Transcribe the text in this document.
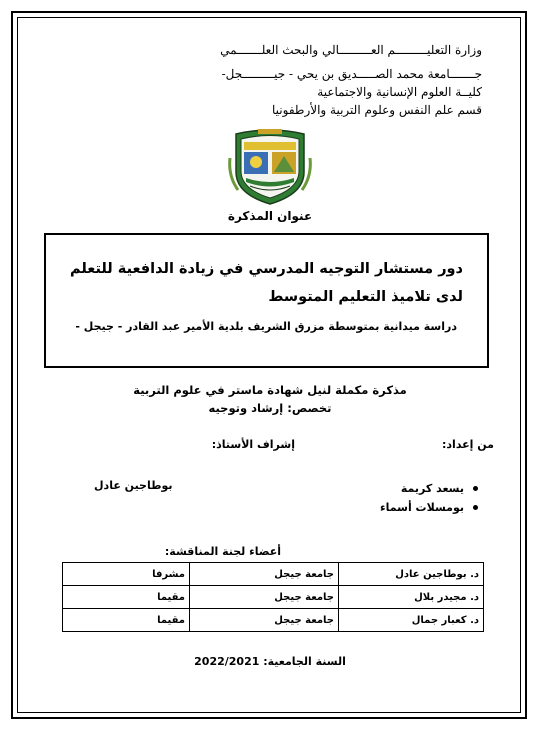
وزارة التعليـــــــــم العـــــــــالي والبحث العلـــــــمي
جـــــــامعة محمد الصـــــديق بن يحي - جيـــــــــجل-
كليــة العلوم الإنسانية والاجتماعية
قسم علم النفس وعلوم التربية والأرطفونيا
عنوان المذكرة
دور مستشار التوجيه المدرسي في زيادة الدافعية للتعلم لدى تلاميذ التعليم المتوسط
دراسة ميدانية بمتوسطة مزرق الشريف بلدية الأمير عبد القادر - جيجل -
مذكرة مكملة لنيل شهادة ماستر في علوم التربية
تخصص: إرشاد وتوجيه
من إعداد:
إشراف الأستاذ:
يسعد كريمة
بومسلات أسماء
بوطاجين عادل
أعضاء لجنة المناقشة:
د. بوطاجين عادل	جامعة جيجل	مشرفا
د. مجيدر بلال	جامعة جيجل	مقيما
د. كعبار جمال	جامعة جيجل	مقيما
السنة الجامعية: 2022/2021
